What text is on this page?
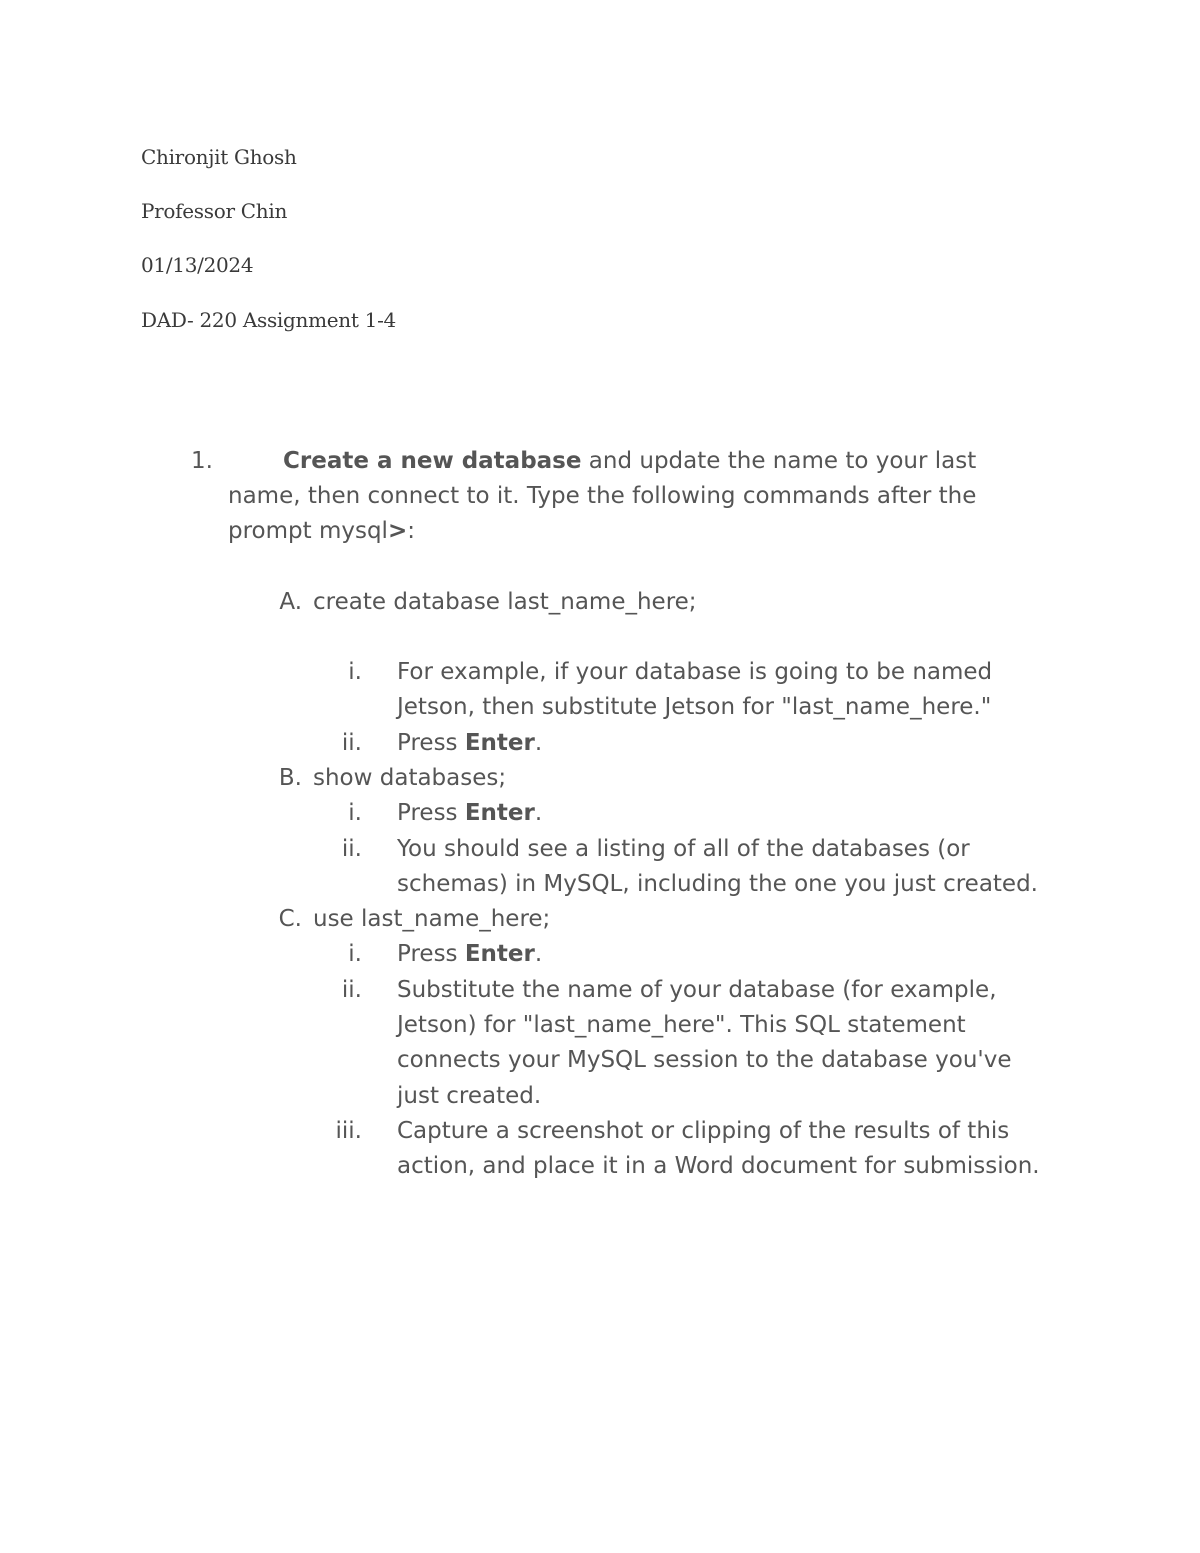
Chironjit Ghosh
Professor Chin
01/13/2024
DAD- 220 Assignment 1-4
1.	Create a new database and update the name to your last
name, then connect to it. Type the following commands after the
prompt mysql>:
A. create database last_name_here;
i. For example, if your database is going to be named
Jetson, then substitute Jetson for "last_name_here."
ii. Press Enter.
B. show databases;
i. Press Enter.
ii. You should see a listing of all of the databases (or
schemas) in MySQL, including the one you just created.
C. use last_name_here;
i. Press Enter.
ii. Substitute the name of your database (for example,
Jetson) for "last_name_here". This SQL statement
connects your MySQL session to the database you've
just created.
iii. Capture a screenshot or clipping of the results of this
action, and place it in a Word document for submission.
